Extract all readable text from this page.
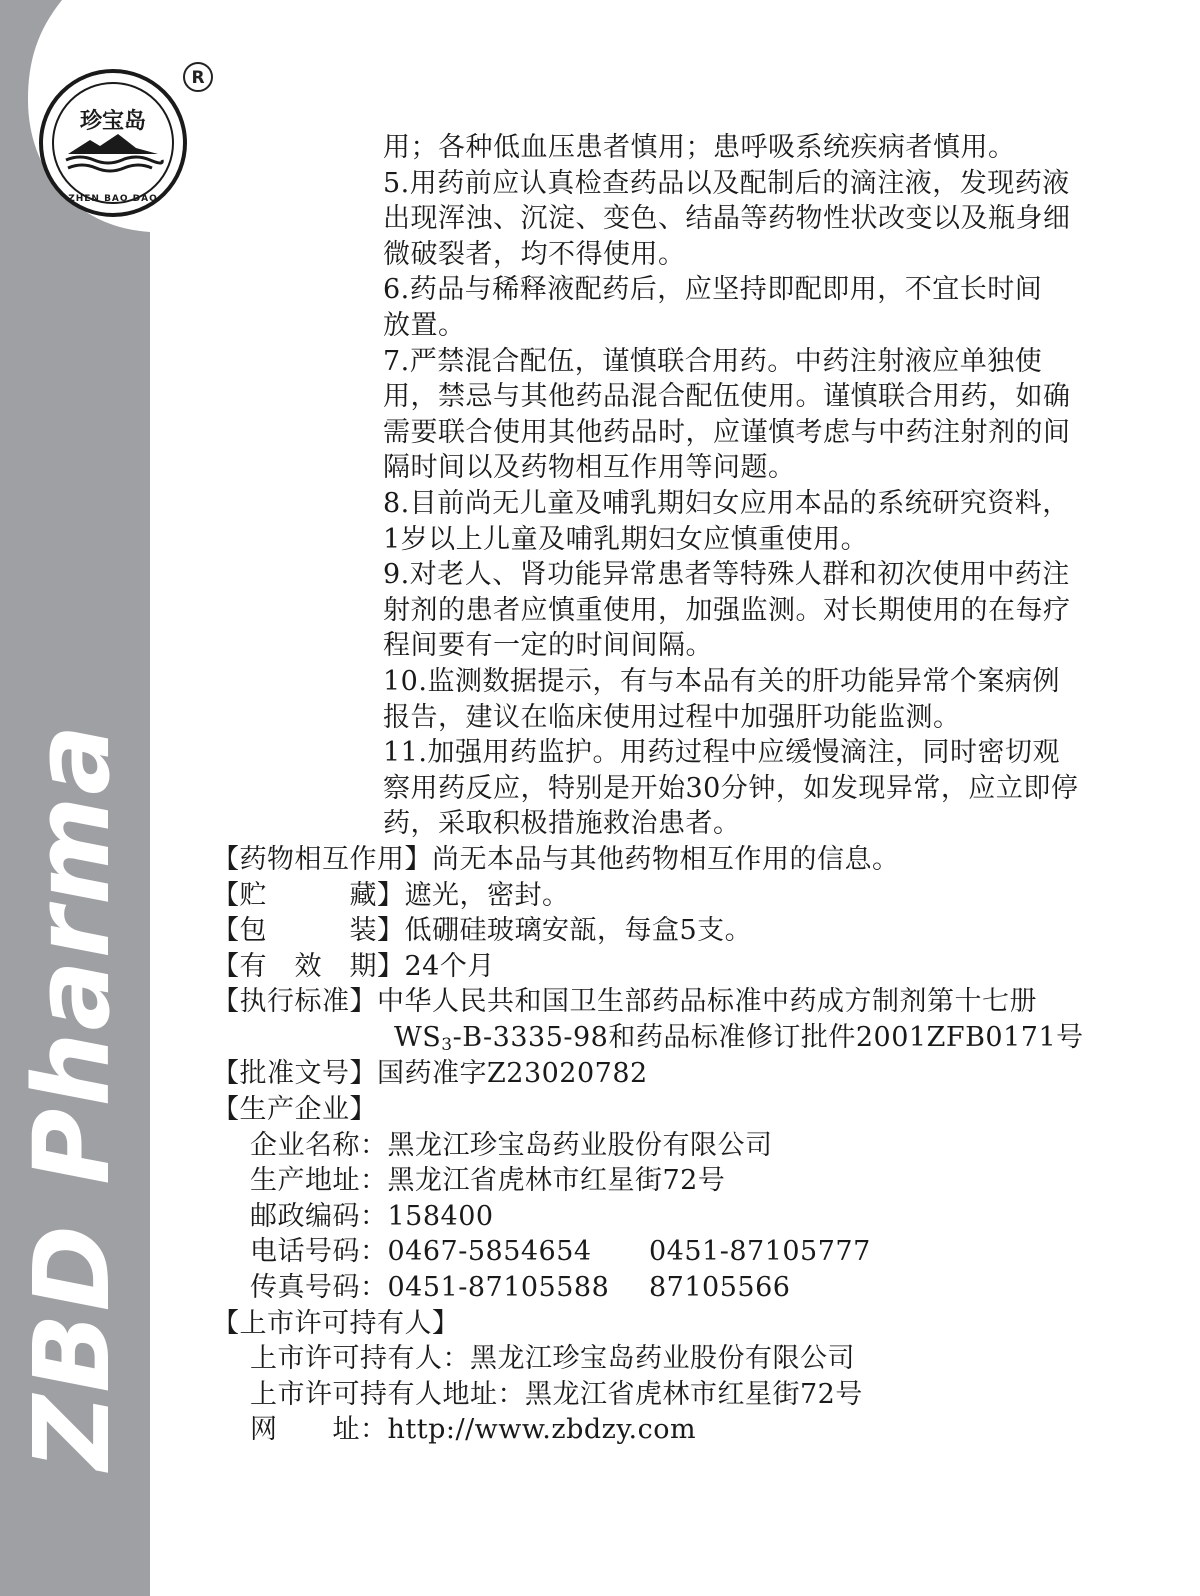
ZBD Pharma
珍宝岛
ZHEN BAO DAO
R
用；各种低血压患者慎用；患呼吸系统疾病者慎用。
5.用药前应认真检查药品以及配制后的滴注液，发现药液
出现浑浊、沉淀、变色、结晶等药物性状改变以及瓶身细
微破裂者，均不得使用。
6.药品与稀释液配药后，应坚持即配即用，不宜长时间
放置。
7.严禁混合配伍，谨慎联合用药。中药注射液应单独使
用，禁忌与其他药品混合配伍使用。谨慎联合用药，如确
需要联合使用其他药品时，应谨慎考虑与中药注射剂的间
隔时间以及药物相互作用等问题。
8.目前尚无儿童及哺乳期妇女应用本品的系统研究资料，
1岁以上儿童及哺乳期妇女应慎重使用。
9.对老人、肾功能异常患者等特殊人群和初次使用中药注
射剂的患者应慎重使用，加强监测。对长期使用的在每疗
程间要有一定的时间间隔。
10.监测数据提示，有与本品有关的肝功能异常个案病例
报告，建议在临床使用过程中加强肝功能监测。
11.加强用药监护。用药过程中应缓慢滴注，同时密切观
察用药反应，特别是开始30分钟，如发现异常，应立即停
药，采取积极措施救治患者。
【药物相互作用】尚无本品与其他药物相互作用的信息。
【贮　　　藏】遮光，密封。
【包　　　装】低硼硅玻璃安瓿，每盒5支。
【有　效　期】24个月
【执行标准】中华人民共和国卫生部药品标准中药成方制剂第十七册
$WS_3-B-3335-98$和药品标准修订批件2001ZFB0171号
【批准文号】国药准字Z23020782
【生产企业】
企业名称：黑龙江珍宝岛药业股份有限公司
生产地址：黑龙江省虎林市红星街72号
邮政编码：158400
电话号码：0467-5854654 0451-87105777
传真号码：0451-87105588 87105566
【上市许可持有人】
上市许可持有人：黑龙江珍宝岛药业股份有限公司
上市许可持有人地址：黑龙江省虎林市红星街72号
网　　址：http://www.zbdzy.com
